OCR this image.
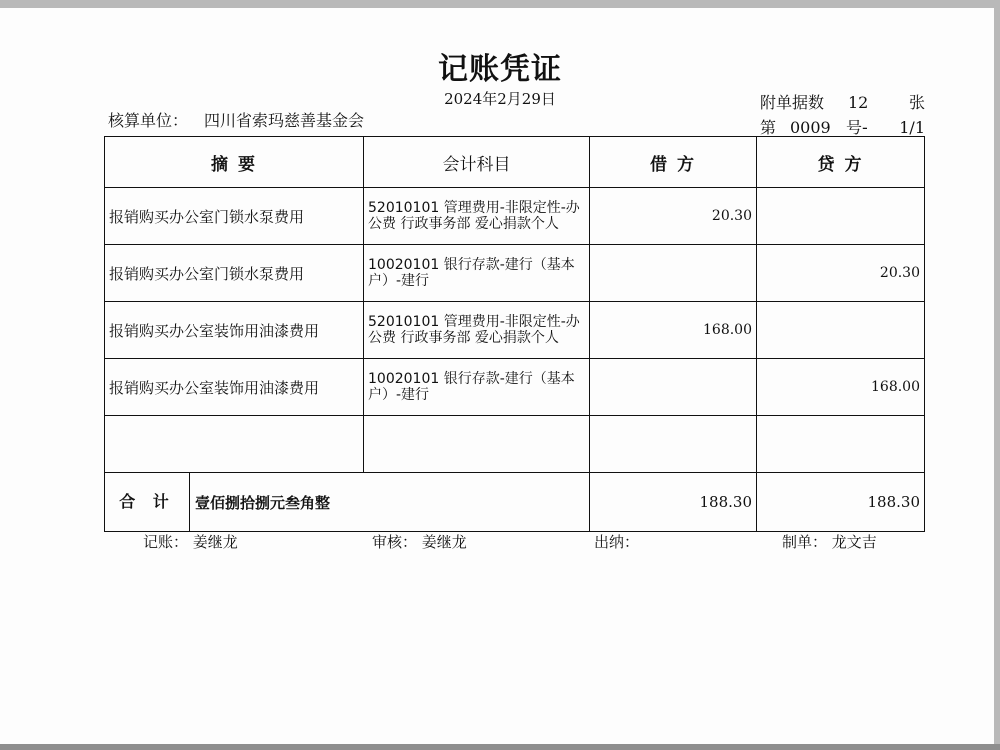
记账凭证
2024年2月29日
核算单位： 四川省索玛慈善基金会
附单据数 12	张
第 0009 号- 1/1
摘 要	会计科目	借 方	贷 方
报销购买办公室门锁水泵费用	52010101 管理费用-非限定性-办公费 行政事务部 爱心捐款个人	20.30	
报销购买办公室门锁水泵费用	10020101 银行存款-建行（基本户）-建行		20.30
报销购买办公室装饰用油漆费用	52010101 管理费用-非限定性-办公费 行政事务部 爱心捐款个人	168.00	
报销购买办公室装饰用油漆费用	10020101 银行存款-建行（基本户）-建行		168.00

合 计 壹佰捌拾捌元叁角整		188.30	188.30
记账： 姜继龙	审核： 姜继龙	出纳：	制单： 龙文吉
